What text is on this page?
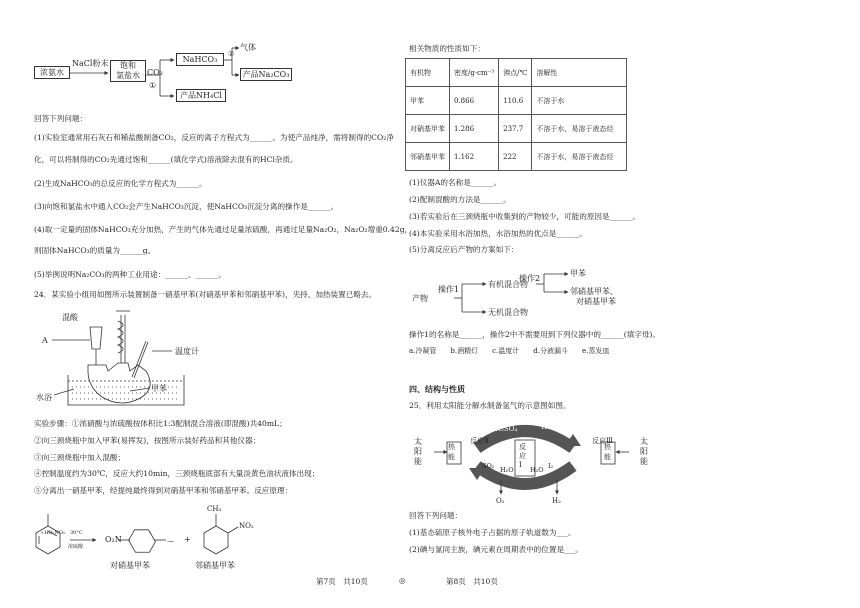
浓氨水
饱和
氯盐水
NaHCO₃
产品Na₂CO₃
产品NH₄Cl
NaCl粉末
CO₂
①
②
气体
回答下列问题：
(1)实验室通常用石灰石和稀盐酸制备CO₂，反应的离子方程式为______。为使产品纯净，需将制得的CO₂净
化，可以将制得的CO₂先通过饱和______(填化学式)溶液除去混有的HCl杂质。
(2)生成NaHCO₃的总反应的化学方程式为______。
(3)向饱和氯盐水中通入CO₂会产生NaHCO₃沉淀，使NaHCO₃沉淀分离的操作是______。
(4)取一定量的固体NaHCO₃充分加热，产生的气体先通过足量浓硫酸，再通过足量Na₂O₂，Na₂O₂增重0.42g，
则固体NaHCO₃的质量为______g。
(5)举例说明Na₂CO₃的两种工业用途：______、______。
24．某实验小组用如图所示装置制备一硝基甲苯(对硝基甲苯和邻硝基甲苯)，夹持、加热装置已略去。
混酸
A
温度计
水浴
甲苯
实验步骤：①浓硝酸与浓硫酸按体积比1:3配制混合溶液(即混酸)共40mL；
②向三颈烧瓶中加入甲苯(易挥发)，按图所示装好药品和其他仪器；
③向三颈烧瓶中加入混酸；
④控制温度约为30℃，反应大约10min，三颈烧瓶底部有大量淡黄色油状液体出现；
⑤分离出一硝基甲苯，经提纯最终得到对硝基甲苯和邻硝基甲苯。反应原理：
—
30°C
浓硫酸
+HO-NO₂
O₂N
CH₃
NO₂
+
对硝基甲苯	邻硝基甲苯
相关物质的性质如下：
有机物	密度/g·cm⁻³	沸点/℃	溶解性
甲苯	0.866	110.6	不溶于水
对硝基甲苯	1.286	237.7	不溶于水，易溶于液态烃
邻硝基甲苯	1.162	222	不溶于水，易溶于液态烃
(1)仪器A的名称是______。
(2)配制混酸的方法是______。
(3)若实验后在三颈烧瓶中收集到的产物较少，可能的原因是______。
(4)本实验采用水浴加热，水浴加热的优点是______。
(5)分离反应后产物的方案如下：
产物
操作1
有机混合物
无机混合物
操作2
甲苯
邻硝基甲苯、
对硝基甲苯
操作1的名称是______，操作2中不需要用到下列仪器中的______(填字母)。
a.冷凝管　　b.酒精灯　　c.温度计　　d.分液漏斗　　e.蒸发皿
四、结构与性质
25．利用太阳能分解水制备氢气的示意图如图。
太阳能
热能
反应Ⅱ
H₂SO₄	HI
反应Ⅰ
反应Ⅲ
热能
太阳能
SO₂ H₂O	H₂O I₂
O₂	H₂
回答下列问题：
(1)基态硫原子核外电子占据的原子轨道数为___。
(2)碘与氯同主族，碘元素在周期表中的位置是___。
第7页　共10页	◎	第8页　共10页
